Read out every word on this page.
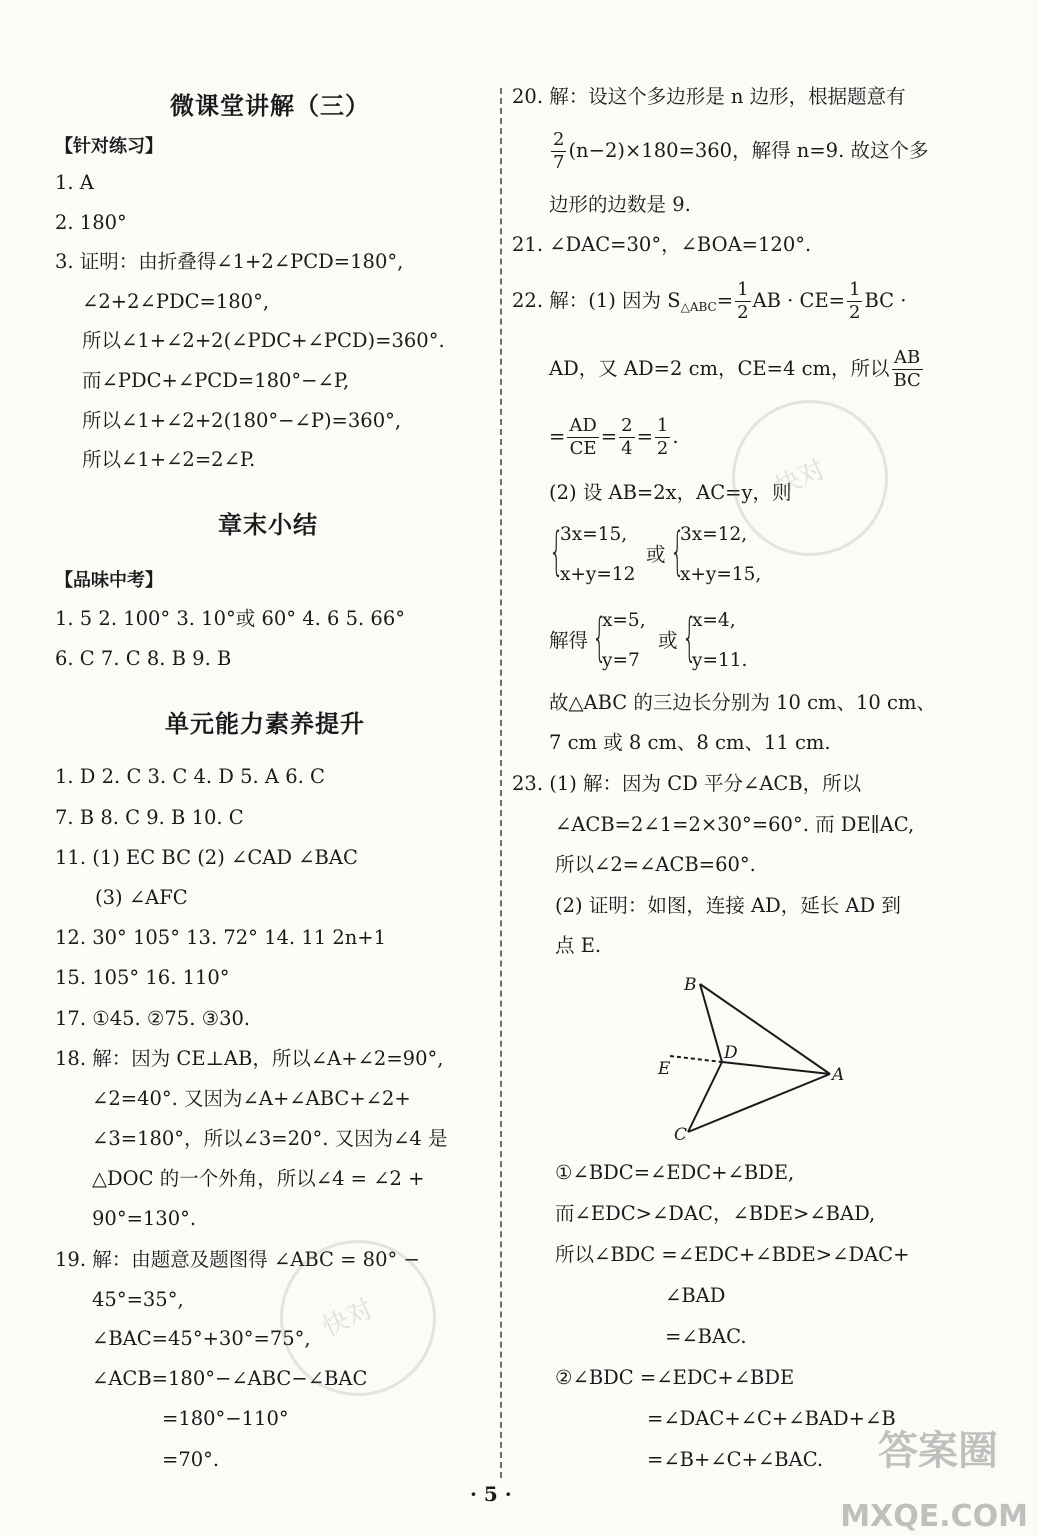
微课堂讲解（三）
【针对练习】
1. A
2. 180°
3. 证明：由折叠得∠1+2∠PCD=180°,
∠2+2∠PDC=180°,
所以∠1+∠2+2(∠PDC+∠PCD)=360°.
而∠PDC+∠PCD=180°−∠P,
所以∠1+∠2+2(180°−∠P)=360°,
所以∠1+∠2=2∠P.
章末小结
【品味中考】
1. 5 2. 100° 3. 10°或 60° 4. 6 5. 66°
6. C 7. C 8. B 9. B
单元能力素养提升
1. D 2. C 3. C 4. D 5. A 6. C
7. B 8. C 9. B 10. C
11. (1) EC BC (2) ∠CAD ∠BAC
(3) ∠AFC
12. 30° 105° 13. 72° 14. 11 2n+1
15. 105° 16. 110°
17. ①45. ②75. ③30.
18. 解：因为 CE⊥AB，所以∠A+∠2=90°,
∠2=40°. 又因为∠A+∠ABC+∠2+
∠3=180°，所以∠3=20°. 又因为∠4 是
△DOC 的一个外角，所以∠4 = ∠2 +
90°=130°.
19. 解：由题意及题图得 ∠ABC = 80° −
45°=35°,
∠BAC=45°+30°=75°,
∠ACB=180°−∠ABC−∠BAC
=180°−110°
=70°.
快对
20. 解：设这个多边形是 n 边形，根据题意有
$\frac{2}{7} (n-2)\times 180=360$，解得 n=9. 故这个多
边形的边数是 9.
21. ∠DAC=30°，∠BOA=120°.
22. 解：(1) 因为 $S_{\triangle ABC}= \frac{1}{2}$ AB · $CE= \frac{1}{2}$ BC ·
AD，又 AD=2 cm，CE=4 cm，所以 $\frac{AB}{BC}$
= $\frac{AD}{CE} = \frac{2}{4} = \frac{1}{2}$ .
(2) 设 AB=2x，AC=y，则
{
3x=15,
x+y=12
或 {
3x=12,
x+y=15,
解得 {
x=5,
y=7
或 {
x=4,
y=11.
故△ABC 的三边长分别为 10 cm、10 cm、
7 cm 或 8 cm、8 cm、11 cm.
23. (1) 解：因为 CD 平分∠ACB，所以
∠ACB=2∠1=2×30°=60°. 而 DE∥AC,
所以∠2=∠ACB=60°.
(2) 证明：如图，连接 AD，延长 AD 到
点 E.
B
D
E	A
C
①∠BDC=∠EDC+∠BDE,
而∠EDC>∠DAC，∠BDE>∠BAD,
所以∠BDC =∠EDC+∠BDE>∠DAC+
∠BAD
=∠BAC.
②∠BDC =∠EDC+∠BDE
=∠DAC+∠C+∠BAD+∠B
=∠B+∠C+∠BAC.
快对
· 5 ·
答案圈
MXQE.COM
